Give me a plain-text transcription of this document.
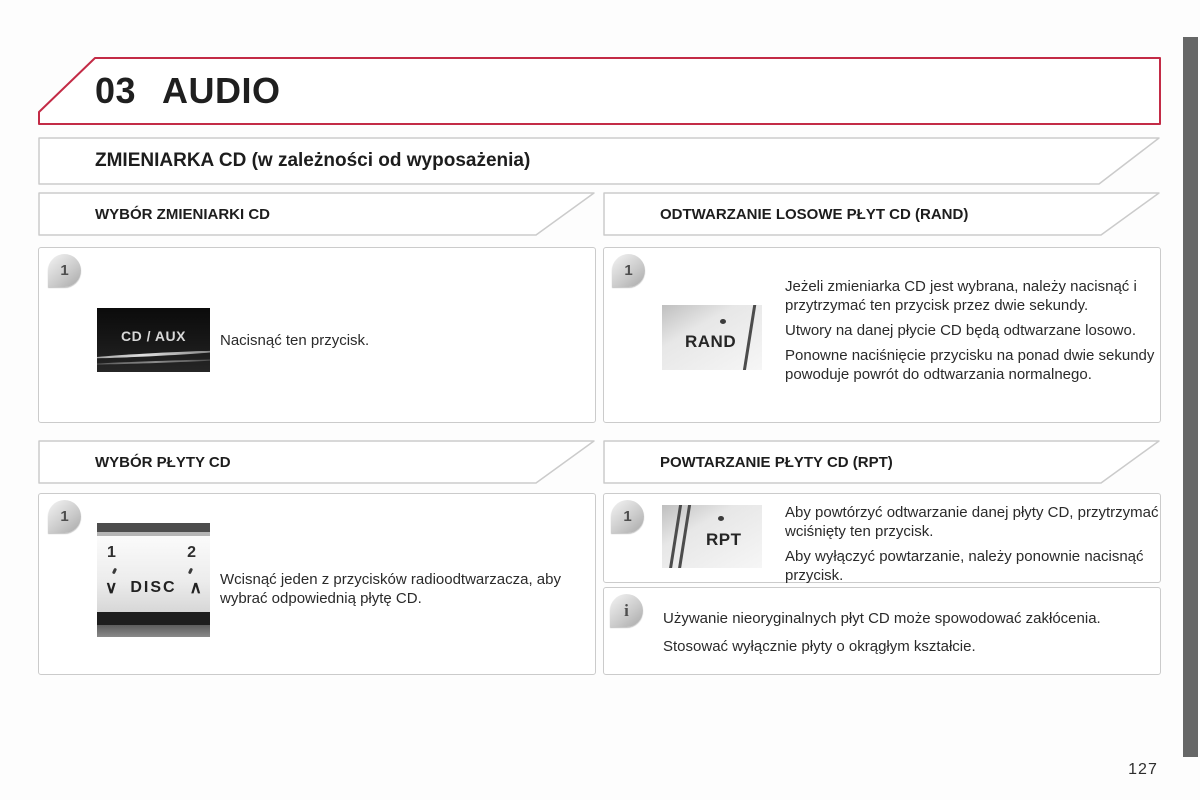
03 AUDIO
ZMIENIARKA CD (w zależności od wyposażenia)
WYBÓR ZMIENIARKI CD	ODTWARZANIE LOSOWE PŁYT CD (RAND)
WYBÓR PŁYTY CD	POWTARZANIE PŁYTY CD (RPT)
1
CD / AUX	Nacisnąć ten przycisk.
1
RAND

Jeżeli zmieniarka CD jest wybrana, należy nacisnąć i przytrzymać ten przycisk przez dwie sekundy.

Utwory na danej płycie CD będą odtwarzane losowo.

Ponowne naciśnięcie przycisku na ponad dwie sekundy powoduje powrót do odtwarzania normalnego.

1
1	2
∨ DISC ∧ Wcisnąć jeden z przycisków radioodtwarzacza, aby wybrać odpowiednią płytę CD.
1
RPT

Aby powtórzyć odtwarzanie danej płyty CD, przytrzymać wciśnięty ten przycisk.

Aby wyłączyć powtarzanie, należy ponownie nacisnąć przycisk.

i	Używanie nieoryginalnych płyt CD może spowodować zakłócenia.

Stosować wyłącznie płyty o okrągłym kształcie.

127
